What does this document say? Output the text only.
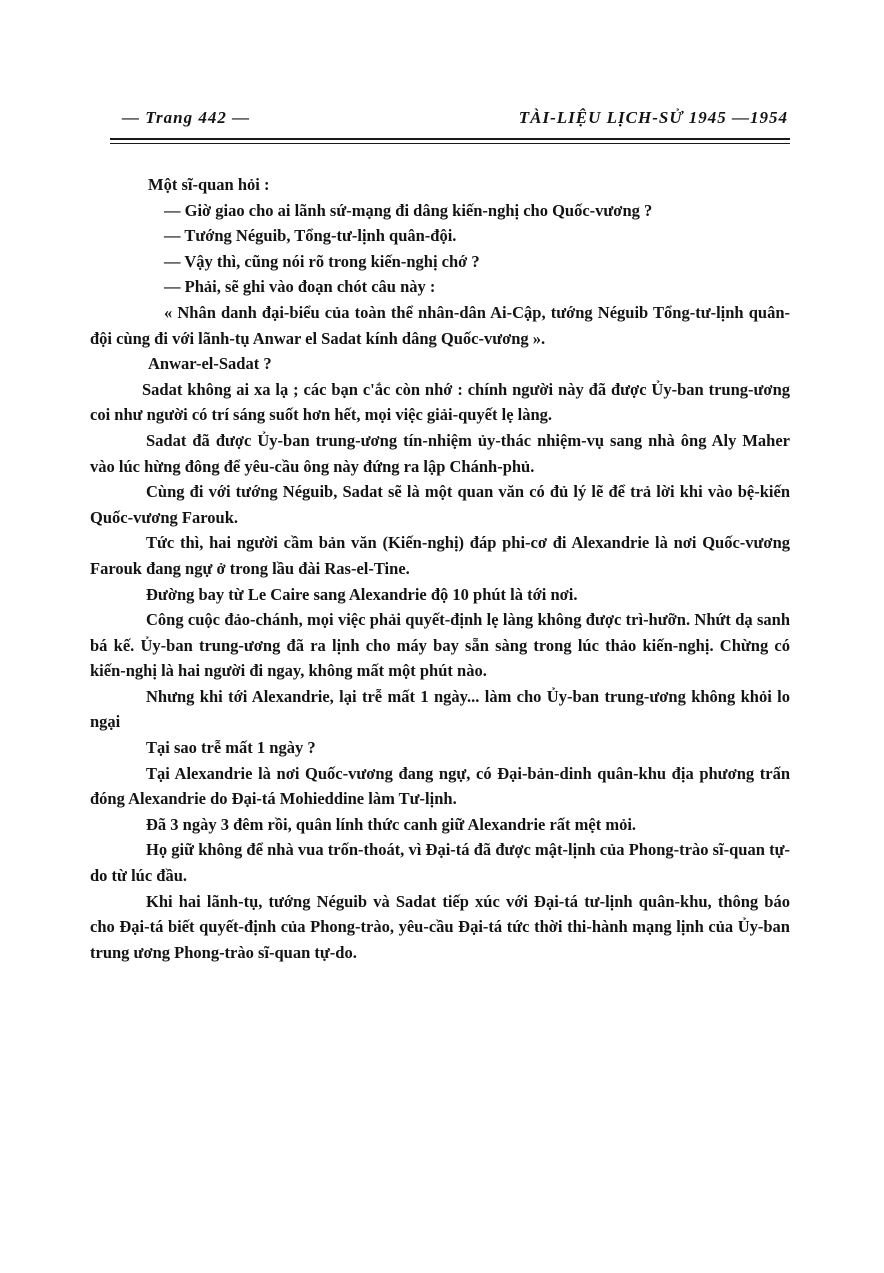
— Trang 442 —	TÀI-LIỆU LỊCH-SỬ 1945 —1954

Một sĩ-quan hỏi :

— Giờ giao cho ai lãnh sứ-mạng đi dâng kiến-nghị cho Quốc-vương ?

— Tướng Néguib, Tổng-tư-lịnh quân-đội.

— Vậy thì, cũng nói rõ trong kiến-nghị chớ ?

— Phải, sẽ ghi vào đoạn chót câu này :

« Nhân danh đại-biểu của toàn thể nhân-dân Ai-Cập, tướng Néguib Tổng-tư-lịnh quân-đội cùng đi với lãnh-tụ Anwar el Sadat kính dâng Quốc-vương ».

Anwar-el-Sadat ?

Sadat không ai xa lạ ; các bạn c'ắc còn nhớ : chính người này đã được Ủy-ban trung-ương coi như người có trí sáng suốt hơn hết, mọi việc giải-quyết lẹ làng.

Sadat đã được Ủy-ban trung-ương tín-nhiệm ủy-thác nhiệm-vụ sang nhà ông Aly Maher vào lúc hừng đông để yêu-cầu ông này đứng ra lập Chánh-phủ.

Cùng đi với tướng Néguib, Sadat sẽ là một quan văn có đủ lý lẽ để trả lời khi vào bệ-kiến Quốc-vương Farouk.

Tức thì, hai người cầm bản văn (Kiến-nghị) đáp phi-cơ đi Alexandrie là nơi Quốc-vương Farouk đang ngự ở trong lầu đài Ras-el-Tine.

Đường bay từ Le Caire sang Alexandrie độ 10 phút là tới nơi.

Công cuộc đảo-chánh, mọi việc phải quyết-định lẹ làng không được trì-hưỡn. Nhứt dạ sanh bá kế. Ủy-ban trung-ương đã ra lịnh cho máy bay sẵn sàng trong lúc thảo kiến-nghị. Chừng có kiến-nghị là hai người đi ngay, không mất một phút nào.

Nhưng khi tới Alexandrie, lại trễ mất 1 ngày... làm cho Ủy-ban trung-ương không khỏi lo ngại

Tại sao trễ mất 1 ngày ?

Tại Alexandrie là nơi Quốc-vương đang ngự, có Đại-bản-dinh quân-khu địa phương trấn đóng Alexandrie do Đại-tá Mohieddine làm Tư-lịnh.

Đã 3 ngày 3 đêm rồi, quân lính thức canh giữ Alexandrie rất mệt mỏi.

Họ giữ không để nhà vua trốn-thoát, vì Đại-tá đã được mật-lịnh của Phong-trào sĩ-quan tự-do từ lúc đầu.

Khi hai lãnh-tụ, tướng Néguib và Sadat tiếp xúc với Đại-tá tư-lịnh quân-khu, thông báo cho Đại-tá biết quyết-định của Phong-trào, yêu-cầu Đại-tá tức thời thi-hành mạng lịnh của Ủy-ban trung ương Phong-trào sĩ-quan tự-do.
